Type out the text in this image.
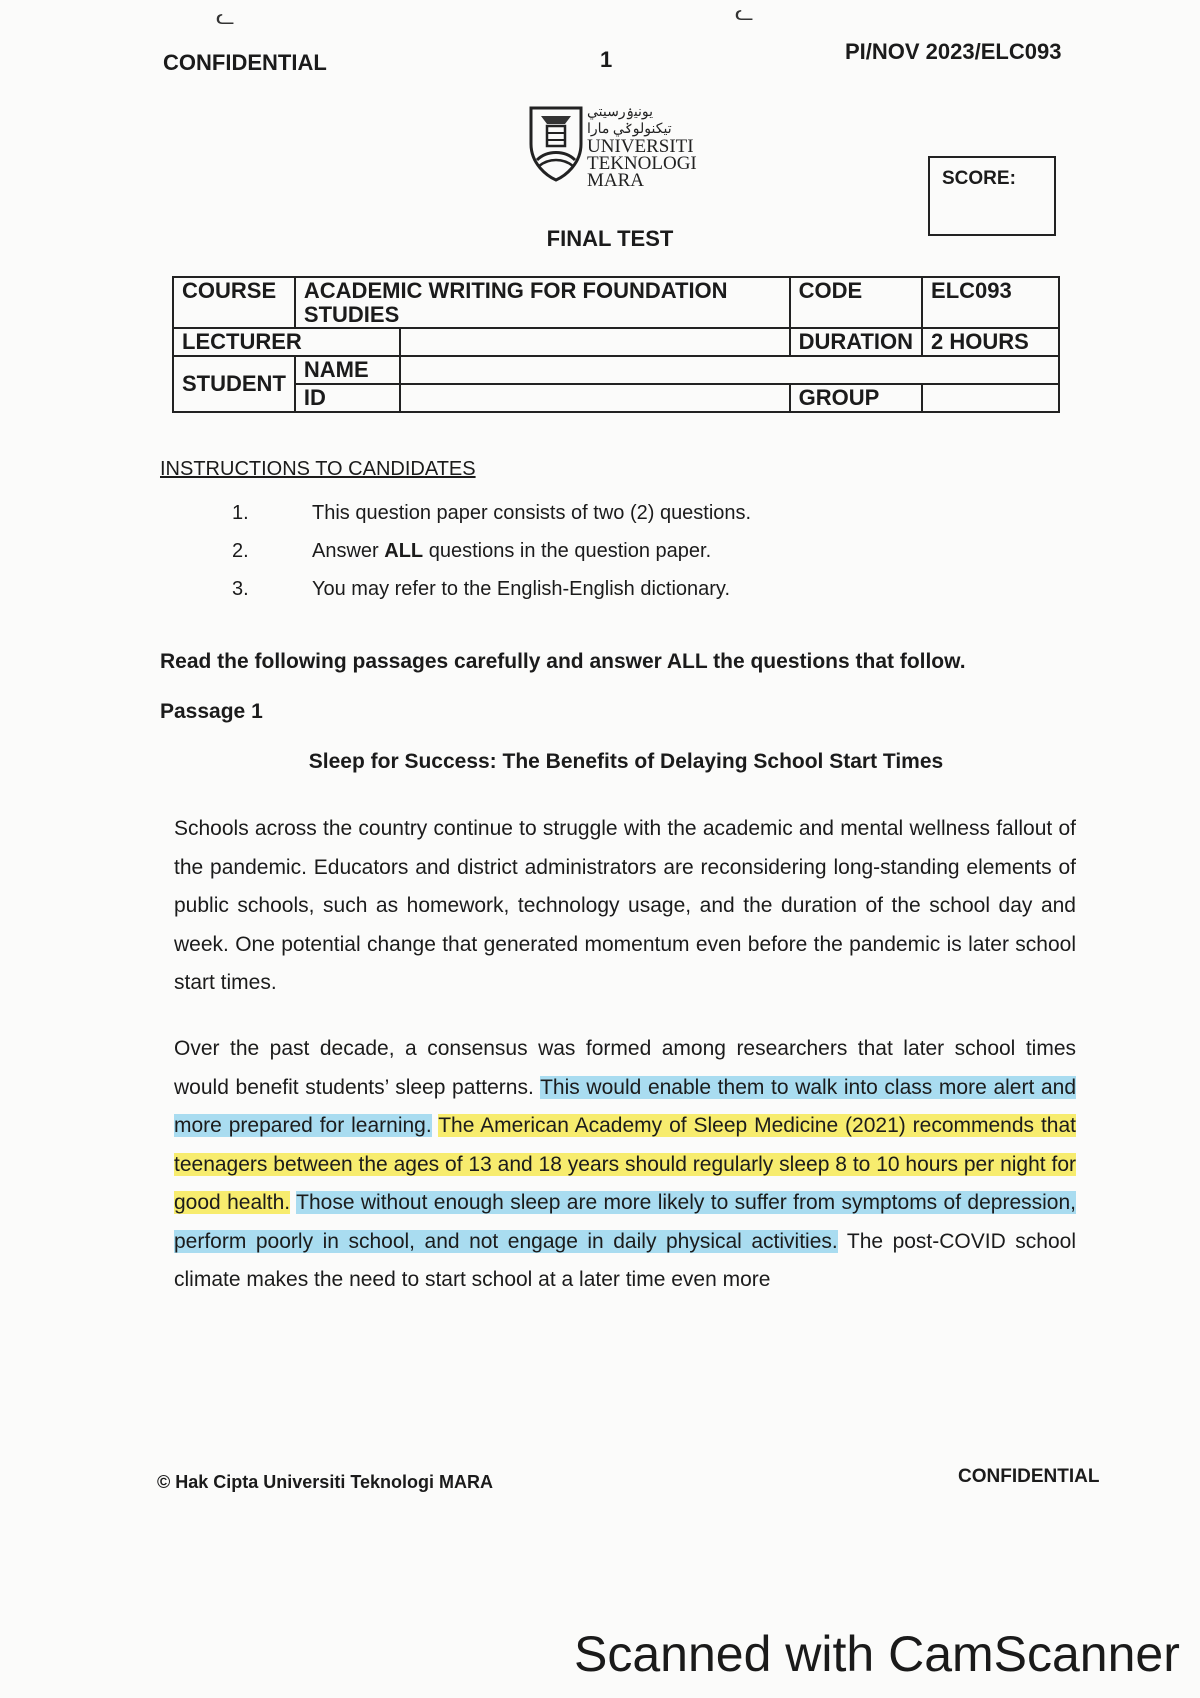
ᓚ	ᓚ
CONFIDENTIAL	1	PI/NOV 2023/ELC093
ﻳﻮﻧﻴۏرسيتي تيكنولوݢي مارا
UNIVERSITI
TEKNOLOGI
MARA	SCORE:
FINAL TEST
COURSE	ACADEMIC WRITING FOR FOUNDATION STUDIES		CODE	ELC093
LECTURER			DURATION	2 HOURS
STUDENT	NAME			
	ID		GROUP	
INSTRUCTIONS TO CANDIDATES
1.	This question paper consists of two (2) questions.
2.	Answer ALL questions in the question paper.
3.	You may refer to the English-English dictionary.
Read the following passages carefully and answer ALL the questions that follow.
Passage 1
Sleep for Success: The Benefits of Delaying School Start Times
Schools across the country continue to struggle with the academic and mental wellness fallout of the pandemic. Educators and district administrators are reconsidering long-standing elements of public schools, such as homework, technology usage, and the duration of the school day and week. One potential change that generated momentum even before the pandemic is later school start times.
Over the past decade, a consensus was formed among researchers that later school times would benefit students’ sleep patterns. This would enable them to walk into class more alert and more prepared for learning. The American Academy of Sleep Medicine (2021) recommends that teenagers between the ages of 13 and 18 years should regularly sleep 8 to 10 hours per night for good health. Those without enough sleep are more likely to suffer from symptoms of depression, perform poorly in school, and not engage in daily physical activities. The post-COVID school climate makes the need to start school at a later time even more
© Hak Cipta Universiti Teknologi MARA	CONFIDENTIAL
Scanned with CamScanner
